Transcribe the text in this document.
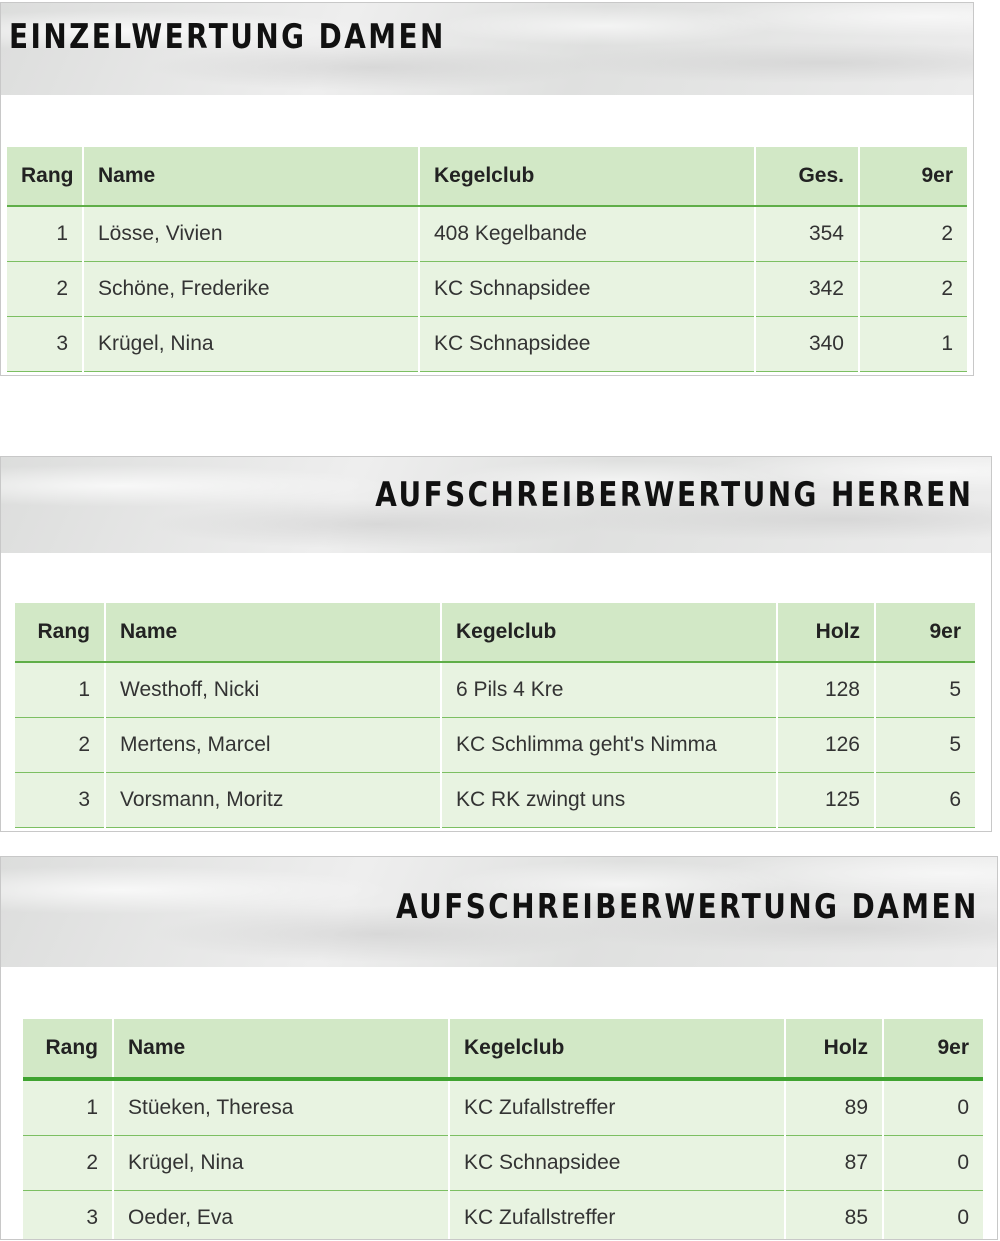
EINZELWERTUNG DAMEN
Rang	Name	Kegelclub	Ges.	9er
1	Lösse, Vivien	408 Kegelbande	354	2
2	Schöne, Frederike	KC Schnapsidee	342	2
3	Krügel, Nina	KC Schnapsidee	340	1
AUFSCHREIBERWERTUNG HERREN
Rang	Name	Kegelclub	Holz	9er
1	Westhoff, Nicki	6 Pils 4 Kre	128	5
2	Mertens, Marcel	KC Schlimma geht's Nimma	126	5
3	Vorsmann, Moritz	KC RK zwingt uns	125	6
AUFSCHREIBERWERTUNG DAMEN
Rang	Name	Kegelclub	Holz	9er
1	Stüeken, Theresa	KC Zufallstreffer	89	0
2	Krügel, Nina	KC Schnapsidee	87	0
3	Oeder, Eva	KC Zufallstreffer	85	0
